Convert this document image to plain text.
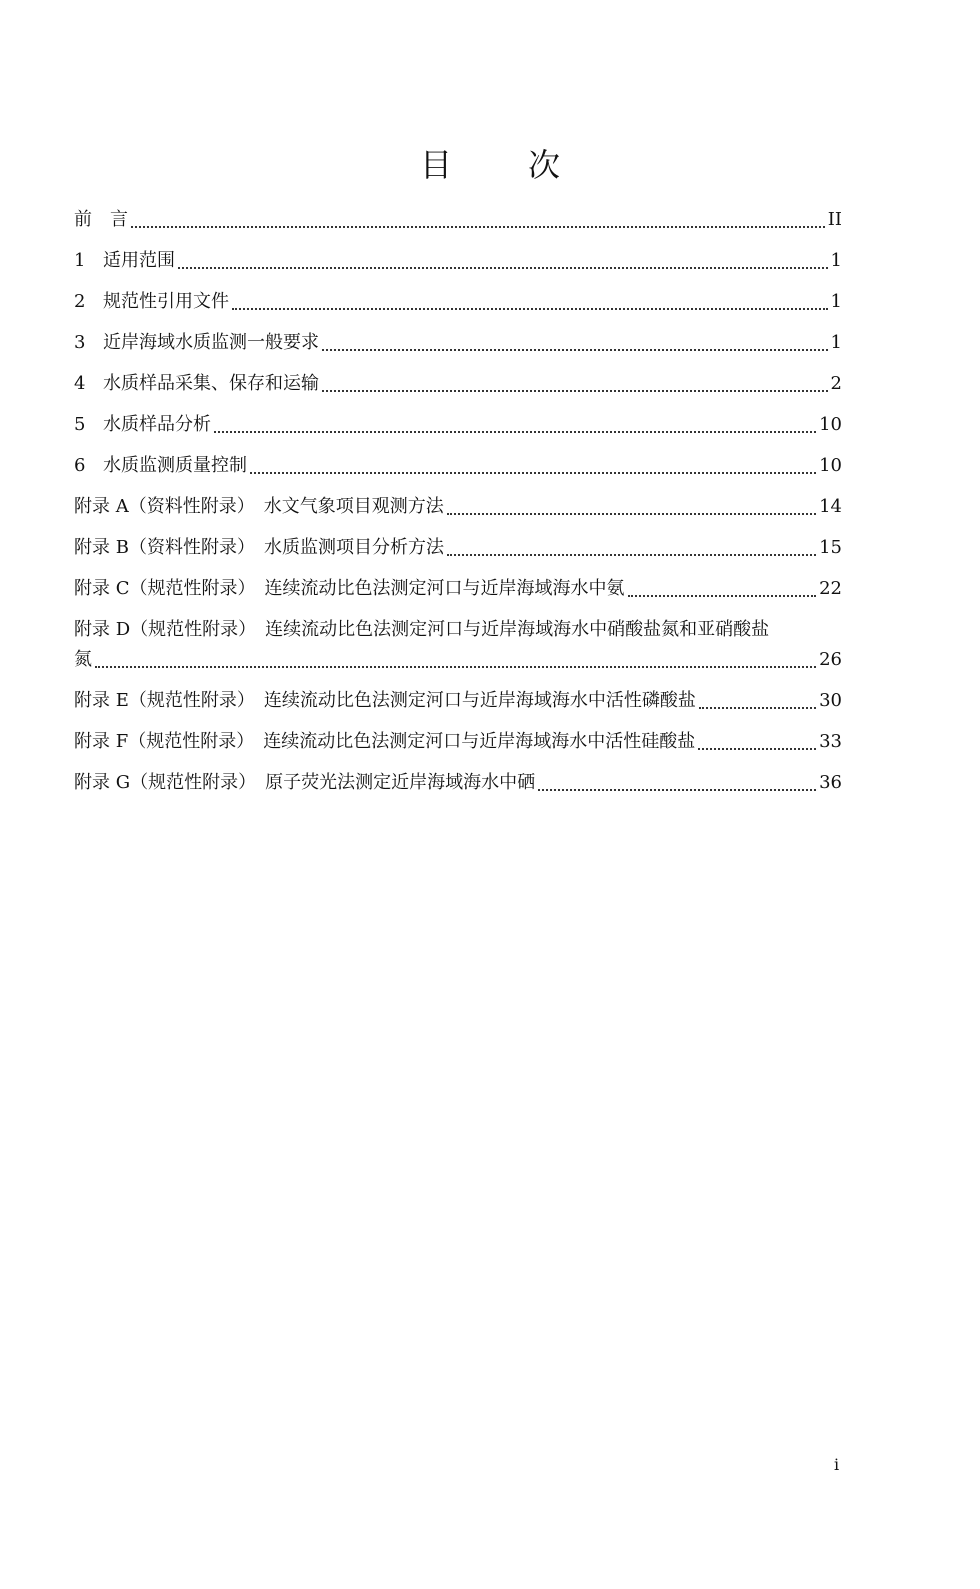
目　次
前　言	II
1 适用范围	1
2 规范性引用文件	1
3 近岸海域水质监测一般要求	1
4 水质样品采集、保存和运输	2
5 水质样品分析	10
6 水质监测质量控制	10
附录 A（资料性附录）　水文气象项目观测方法	14
附录 B（资料性附录）　水质监测项目分析方法	15
附录 C（规范性附录）　连续流动比色法测定河口与近岸海域海水中氨	22
附录 D（规范性附录）　连续流动比色法测定河口与近岸海域海水中硝酸盐氮和亚硝酸盐
氮	26
附录 E（规范性附录）　连续流动比色法测定河口与近岸海域海水中活性磷酸盐	30
附录 F（规范性附录）　连续流动比色法测定河口与近岸海域海水中活性硅酸盐	33
附录 G（规范性附录）　原子荧光法测定近岸海域海水中硒	36
i
